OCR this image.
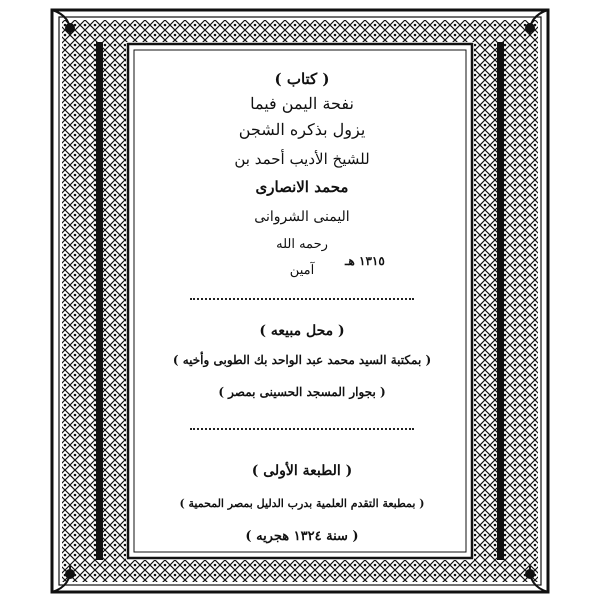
( كتاب )
نفحة اليمن فيما
يزول بذكره الشجن
للشيخ الأديب أحمد بن
محمد الانصارى
اليمنى الشروانى
رحمه الله
آمين
١٣١٥ هـ
( محل مبيعه )
( بمكتبة السيد محمد عبد الواحد بك الطوبى وأخيه )
( بجوار المسجد الحسينى بمصر )
( الطبعة الأولى )
( بمطبعة التقدم العلمية بدرب الدليل بمصر المحمية )
( سنة ١٣٢٤ هجريه )
